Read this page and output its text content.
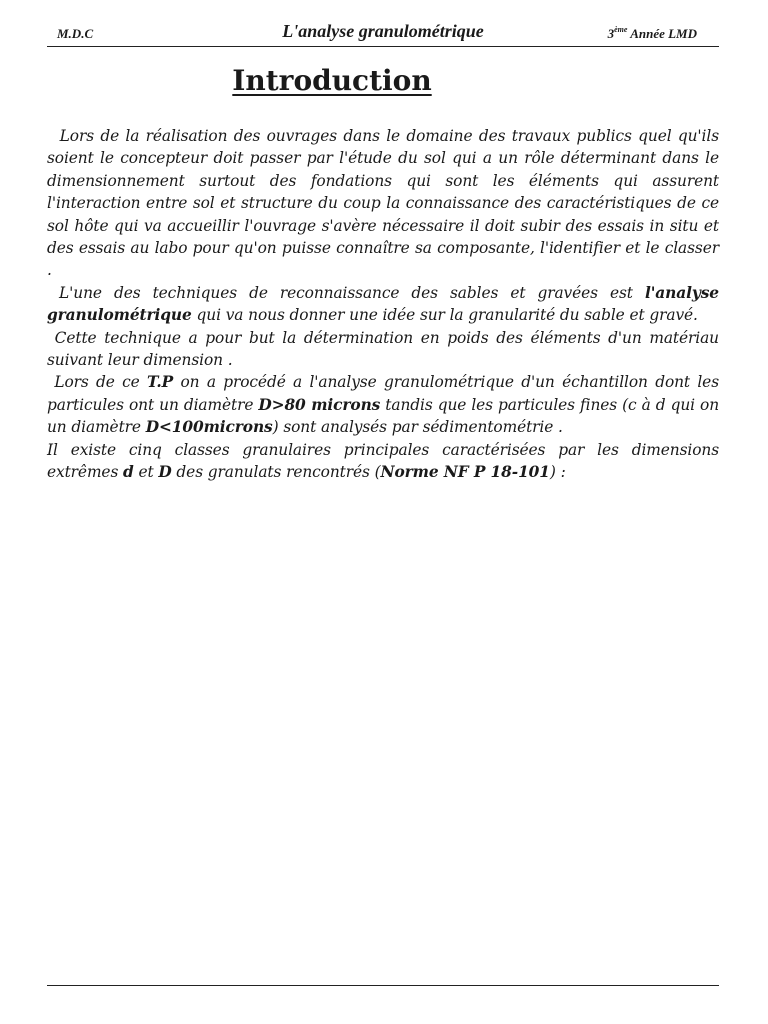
M.D.C	L'analyse granulométrique	3ème Année LMD
Introduction

Lors de la réalisation des ouvrages dans le domaine des travaux publics quel qu'ils soient le concepteur doit passer par l'étude du sol qui a un rôle déterminant dans le dimensionnement surtout des fondations qui sont les éléments qui assurent l'interaction entre sol et structure du coup la connaissance des caractéristiques de ce sol hôte qui va accueillir l'ouvrage s'avère nécessaire il doit subir des essais in situ et des essais au labo pour qu'on puisse connaître sa composante, l'identifier et le classer .

L'une des techniques de reconnaissance des sables et gravées est l'analyse granulométrique qui va nous donner une idée sur la granularité du sable et gravé.

Cette technique a pour but la détermination en poids des éléments d'un matériau suivant leur dimension .

Lors de ce T.P on a procédé a l'analyse granulométrique d'un échantillon dont les particules ont un diamètre D>80 microns tandis que les particules fines (c à d qui on un diamètre D<100microns) sont analysés par sédimentométrie .

Il existe cinq classes granulaires principales caractérisées par les dimensions extrêmes d et D des granulats rencontrés (Norme NF P 18-101) :
